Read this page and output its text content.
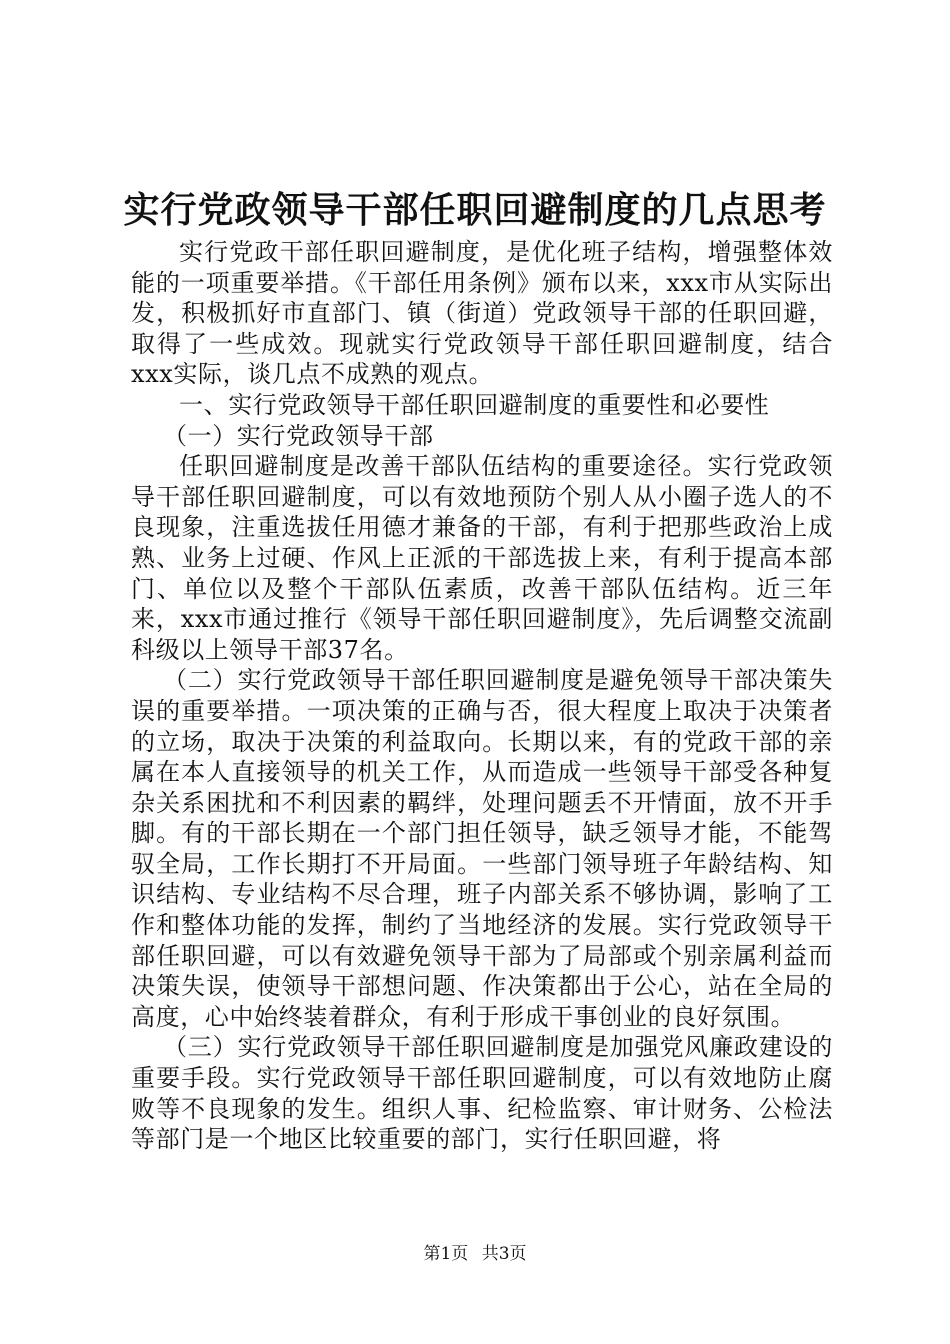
实行党政领导干部任职回避制度的几点思考

实行党政干部任职回避制度，是优化班子结构，增强整体效能的一项重要举措。《干部任用条例》颁布以来，xxx市从实际出发，积极抓好市直部门、镇（街道）党政领导干部的任职回避，取得了一些成效。现就实行党政领导干部任职回避制度，结合xxx实际，谈几点不成熟的观点。

一、实行党政领导干部任职回避制度的重要性和必要性

（一）实行党政领导干部

任职回避制度是改善干部队伍结构的重要途径。实行党政领导干部任职回避制度，可以有效地预防个别人从小圈子选人的不良现象，注重选拔任用德才兼备的干部，有利于把那些政治上成熟、业务上过硬、作风上正派的干部选拔上来，有利于提高本部门、单位以及整个干部队伍素质，改善干部队伍结构。近三年来，xxx市通过推行《领导干部任职回避制度》，先后调整交流副科级以上领导干部37名。

（二）实行党政领导干部任职回避制度是避免领导干部决策失误的重要举措。一项决策的正确与否，很大程度上取决于决策者的立场，取决于决策的利益取向。长期以来，有的党政干部的亲属在本人直接领导的机关工作，从而造成一些领导干部受各种复杂关系困扰和不利因素的羁绊，处理问题丢不开情面，放不开手脚。有的干部长期在一个部门担任领导，缺乏领导才能，不能驾驭全局，工作长期打不开局面。一些部门领导班子年龄结构、知识结构、专业结构不尽合理，班子内部关系不够协调，影响了工作和整体功能的发挥，制约了当地经济的发展。实行党政领导干部任职回避，可以有效避免领导干部为了局部或个别亲属利益而决策失误，使领导干部想问题、作决策都出于公心，站在全局的高度，心中始终装着群众，有利于形成干事创业的良好氛围。

（三）实行党政领导干部任职回避制度是加强党风廉政建设的重要手段。实行党政领导干部任职回避制度，可以有效地防止腐败等不良现象的发生。组织人事、纪检监察、审计财务、公检法等部门是一个地区比较重要的部门，实行任职回避，将

第1页 共3页
